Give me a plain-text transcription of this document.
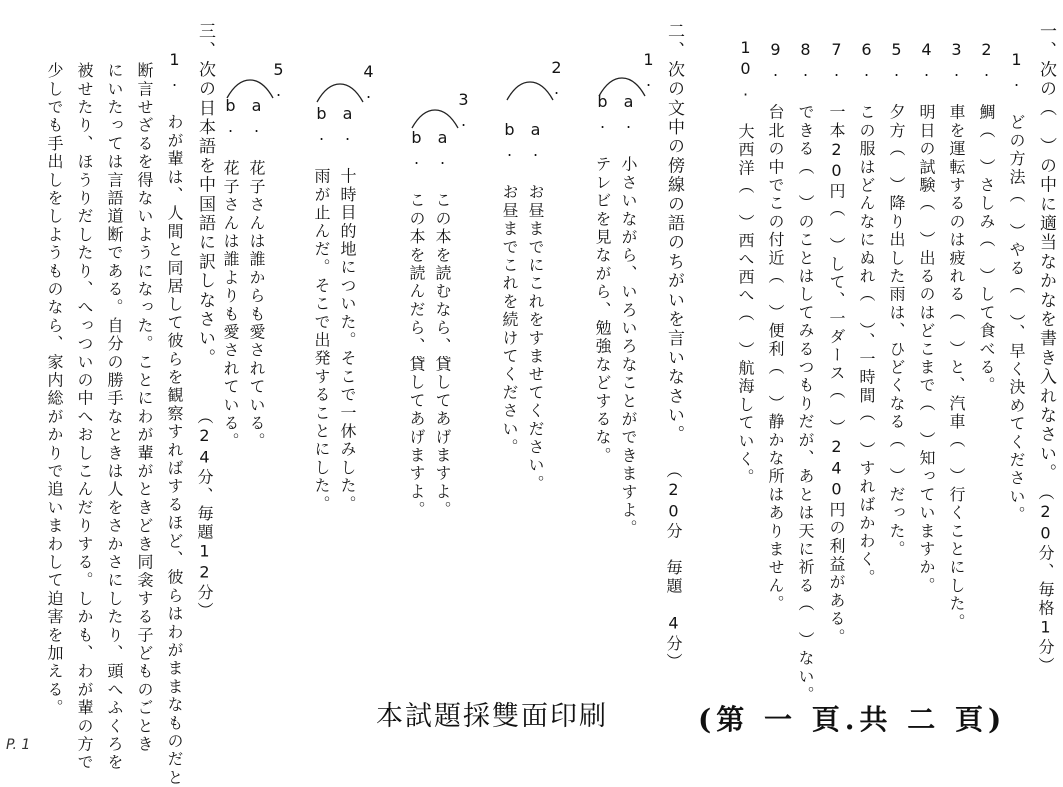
一、次の（　）の中に適当なかなを書き入れなさい。
（20分、毎格1分）
1. どの方法（　）やる（　）、早く決めてください。
2. 鯛（　）さしみ（　）して食べる。
3. 車を運転するのは疲れる（　）と、汽車（　）行くことにした。
4. 明日の試験（　）出るのはどこまで（　）知っていますか。
5. 夕方（　）降り出した雨は、ひどくなる（　）だった。
6. この服はどんなにぬれ（　）、一時間（　）すればかわく。
7. 一本20円（　）して、一ダース（　）240円の利益がある。
8. できる（　）のことはしてみるつもりだが、あとは天に祈る（　）ない。
9. 台北の中でこの付近（　）便利（　）静かな所はありません。
10. 大西洋（　）西へ西へ（　）航海していく。
二、次の文中の傍線の語のちがいを言いなさい。
（20分　毎題　4分）
1.
a. 小さいながら、いろいろなことができますよ。
b. テレビを見ながら、勉強などするな。
2.
a. お昼までにこれをすませてください。
b. お昼までこれを続けてください。
3.
a. この本を読むなら、貸してあげますよ。
b. この本を読んだら、貸してあげますよ。
4.
a. 十時目的地についた。そこで一休みした。
b. 雨が止んだ。そこで出発することにした。
5.
a. 花子さんは誰からも愛されている。
b. 花子さんは誰よりも愛されている。
三、次の日本語を中国語に訳しなさい。
（24分、毎題12分）
1. わが輩は、人間と同居して彼らを観察すればするほど、彼らはわがままなものだと
断言せざるを得ないようになった。ことにわが輩がときどき同衾する子どものごとき
にいたっては言語道断である。自分の勝手なときは人をさかさにしたり、頭へふくろを
被せたり、ほうりだしたり、へっついの中へおしこんだりする。しかも、わが輩の方で
少しでも手出しをしようものなら、家内総がかりで追いまわして迫害を加える。	本試題採雙面印刷	(第 一 頁.共 二 頁)
P. 1
